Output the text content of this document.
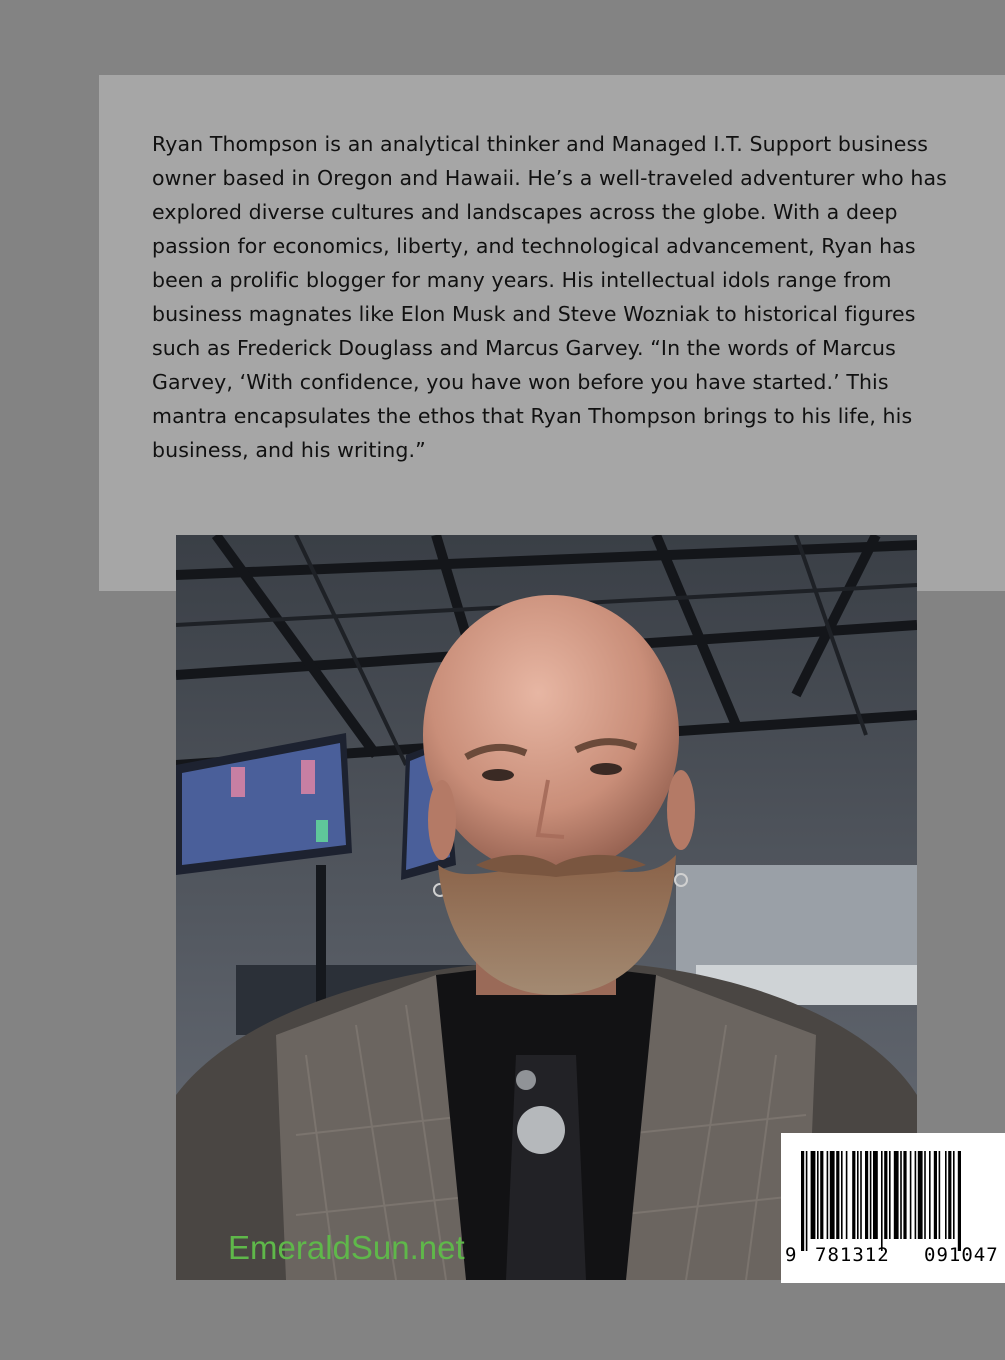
Ryan Thompson is an analytical thinker and Managed I.T. Support business owner based in Oregon and Hawaii. He’s a well-traveled adventurer who has explored diverse cultures and landscapes across the globe. With a deep passion for economics, liberty, and technological advancement, Ryan has been a prolific blogger for many years. His intellectual idols range from business magnates like Elon Musk and Steve Wozniak to historical figures such as Frederick Douglass and Marcus Garvey. “In the words of Marcus Garvey, ‘With confidence, you have won before you have started.’ This mantra encapsulates the ethos that Ryan Thompson brings to his life, his business, and his writing.”

EmeraldSun.net	9 781312 091047
